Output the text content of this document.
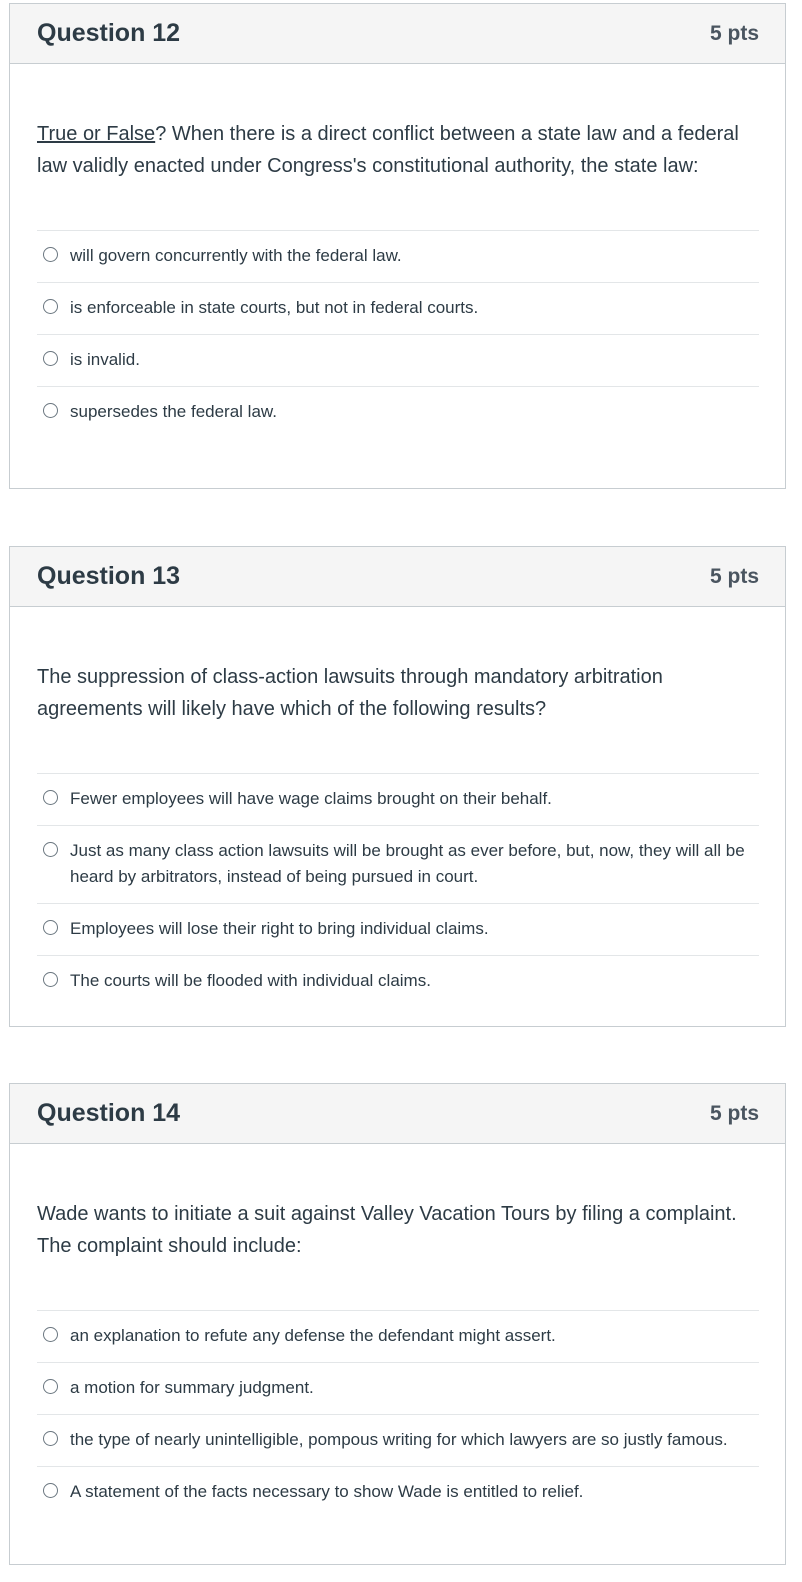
Question 12	5 pts

True or False? When there is a direct conflict between a state law and a federal law validly enacted under Congress's constitutional authority, the state law:

will govern concurrently with the federal law.
is enforceable in state courts, but not in federal courts.
is invalid.
supersedes the federal law.
Question 13	5 pts

The suppression of class-action lawsuits through mandatory arbitration agreements will likely have which of the following results?

Fewer employees will have wage claims brought on their behalf.
Just as many class action lawsuits will be brought as ever before, but, now, they will all be heard by arbitrators, instead of being pursued in court.
Employees will lose their right to bring individual claims.
The courts will be flooded with individual claims.
Question 14	5 pts

Wade wants to initiate a suit against Valley Vacation Tours by filing a complaint. The complaint should include:

an explanation to refute any defense the defendant might assert.
a motion for summary judgment.
the type of nearly unintelligible, pompous writing for which lawyers are so justly famous.
A statement of the facts necessary to show Wade is entitled to relief.
